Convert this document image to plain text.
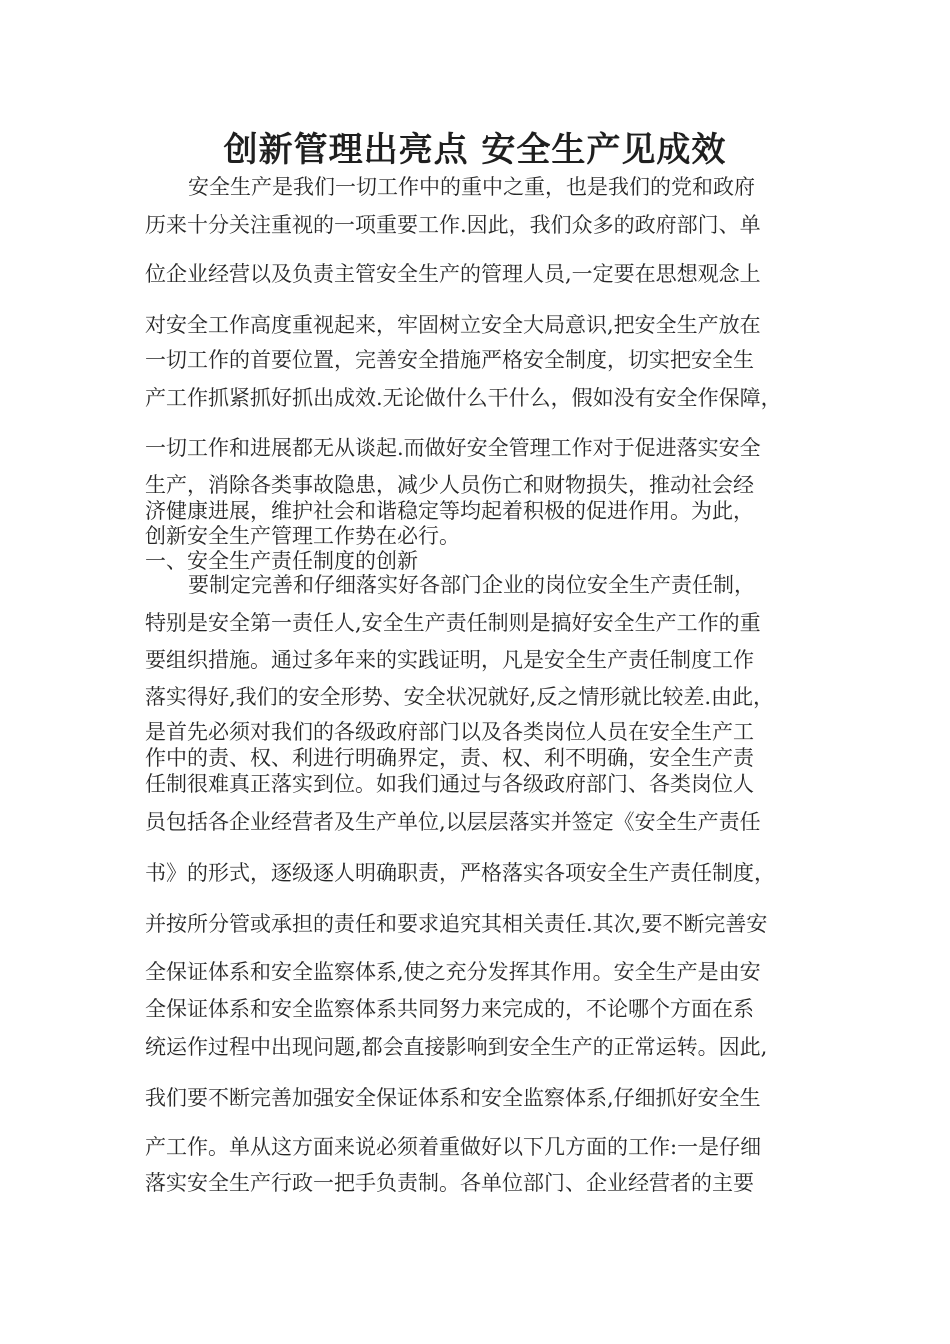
创新管理出亮点 安全生产见成效
安全生产是我们一切工作中的重中之重，也是我们的党和政府
历来十分关注重视的一项重要工作.因此，我们众多的政府部门、单
位企业经营以及负责主管安全生产的管理人员,一定要在思想观念上
对安全工作高度重视起来，牢固树立安全大局意识,把安全生产放在
一切工作的首要位置，完善安全措施严格安全制度，切实把安全生
产工作抓紧抓好抓出成效.无论做什么干什么，假如没有安全作保障，
一切工作和进展都无从谈起.而做好安全管理工作对于促进落实安全
生产，消除各类事故隐患，减少人员伤亡和财物损失，推动社会经
济健康进展，维护社会和谐稳定等均起着积极的促进作用。为此，
创新安全生产管理工作势在必行。
一、安全生产责任制度的创新
要制定完善和仔细落实好各部门企业的岗位安全生产责任制，
特别是安全第一责任人,安全生产责任制则是搞好安全生产工作的重
要组织措施。通过多年来的实践证明，凡是安全生产责任制度工作
落实得好,我们的安全形势、安全状况就好,反之情形就比较差.由此，
是首先必须对我们的各级政府部门以及各类岗位人员在安全生产工
作中的责、权、利进行明确界定，责、权、利不明确，安全生产责
任制很难真正落实到位。如我们通过与各级政府部门、各类岗位人
员包括各企业经营者及生产单位,以层层落实并签定《安全生产责任
书》的形式，逐级逐人明确职责，严格落实各项安全生产责任制度，
并按所分管或承担的责任和要求追究其相关责任.其次,要不断完善安
全保证体系和安全监察体系,使之充分发挥其作用。安全生产是由安
全保证体系和安全监察体系共同努力来完成的，不论哪个方面在系
统运作过程中出现问题,都会直接影响到安全生产的正常运转。因此,
我们要不断完善加强安全保证体系和安全监察体系,仔细抓好安全生
产工作。单从这方面来说必须着重做好以下几方面的工作:一是仔细
落实安全生产行政一把手负责制。各单位部门、企业经营者的主要
